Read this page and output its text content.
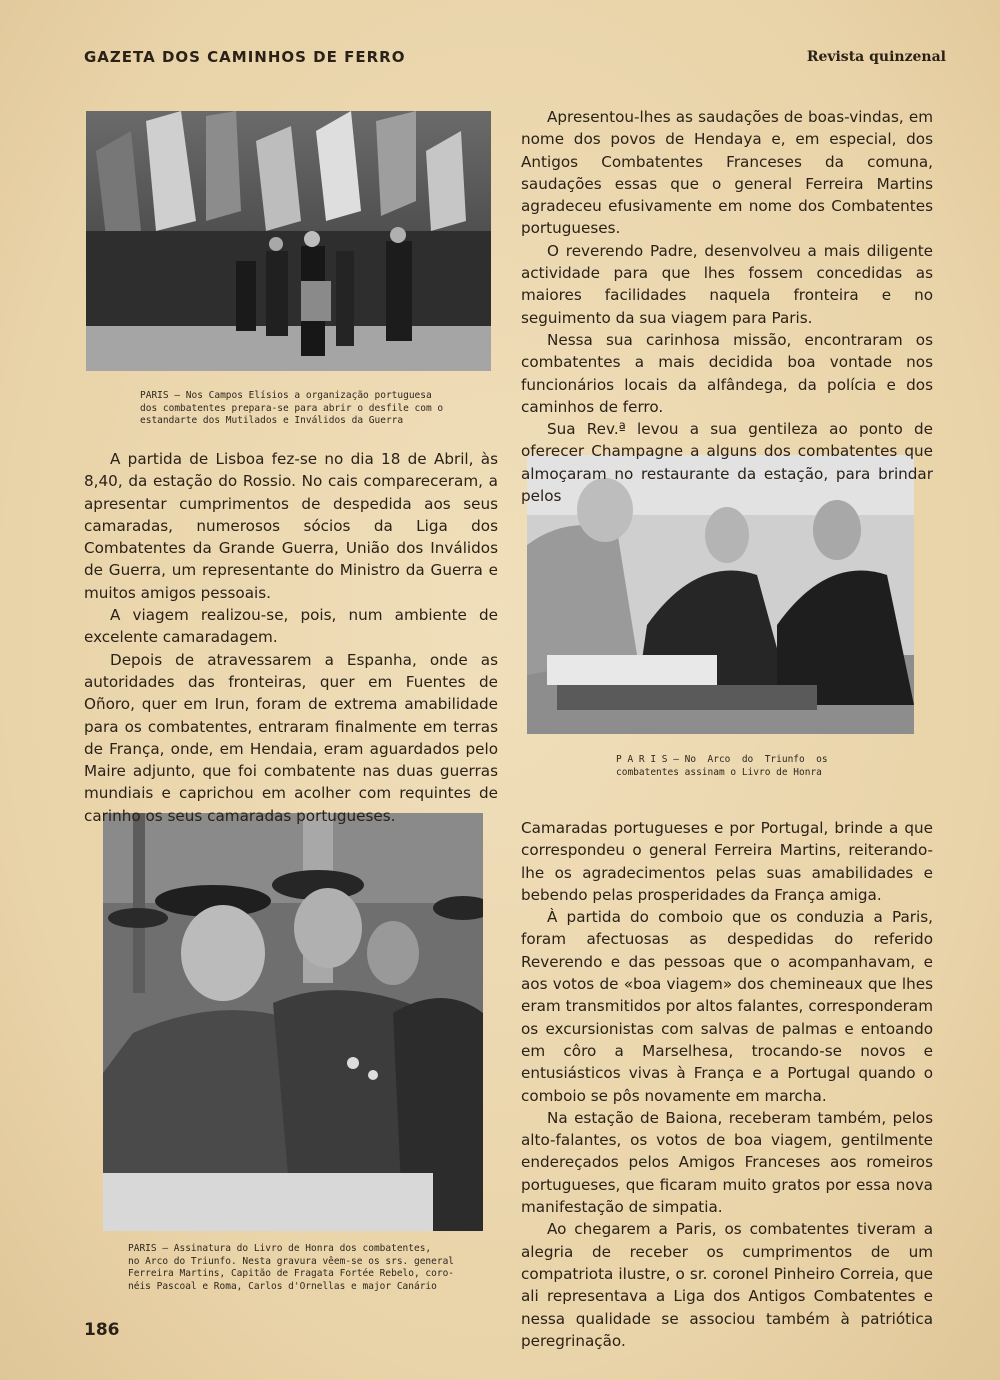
GAZETA DOS CAMINHOS DE FERRO	Revista quinzenal
PARIS — Nos Campos Elísios a organização portuguesa
dos combatentes prepara-se para abrir o desfile com o
estandarte dos Mutilados e Inválidos da Guerra
P A R I S — No  Arco  do  Triunfo  os
combatentes assinam o Livro de Honra
PARIS — Assinatura do Livro de Honra dos combatentes,
no Arco do Triunfo. Nesta gravura vêem-se os srs. general
Ferreira Martins, Capitão de Fragata Fortée Rebelo, coro-
néis Pascoal e Roma, Carlos d'Ornellas e major Canário

A partida de Lisboa fez-se no dia 18 de Abril, às 8,40, da estação do Rossio. No cais compareceram, a apresentar cumprimentos de despedida aos seus camaradas, numerosos sócios da Liga dos Combatentes da Grande Guerra, União dos Inválidos de Guerra, um representante do Ministro da Guerra e muitos amigos pessoais.

A viagem realizou-se, pois, num ambiente de excelente camaradagem.

Depois de atravessarem a Espanha, onde as autoridades das fronteiras, quer em Fuentes de Oñoro, quer em Irun, foram de extrema amabilidade para os combatentes, entraram finalmente em terras de França, onde, em Hendaia, eram aguardados pelo Maire adjunto, que foi combatente nas duas guerras mundiais e caprichou em acolher com requintes de carinho os seus camaradas portugueses.

Apresentou-lhes as saudações de boas-vindas, em nome dos povos de Hendaya e, em especial, dos Antigos Combatentes Franceses da comuna, saudações essas que o general Ferreira Martins agradeceu efusivamente em nome dos Combatentes portugueses.

O reverendo Padre, desenvolveu a mais diligente actividade para que lhes fossem concedidas as maiores facilidades naquela fronteira e no seguimento da sua viagem para Paris.

Nessa sua carinhosa missão, encontraram os combatentes a mais decidida boa vontade nos funcionários locais da alfândega, da polícia e dos caminhos de ferro.

Sua Rev.ª levou a sua gentileza ao ponto de oferecer Champagne a alguns dos combatentes que almoçaram no restaurante da estação, para brindar pelos

Camaradas portugueses e por Portugal, brinde a que correspondeu o general Ferreira Martins, reiterando-lhe os agradecimentos pelas suas amabilidades e bebendo pelas prosperidades da França amiga.

À partida do comboio que os conduzia a Paris, foram afectuosas as despedidas do referido Reverendo e das pessoas que o acompanhavam, e aos votos de «boa viagem» dos chemineaux que lhes eram transmitidos por altos falantes, corresponderam os excursionistas com salvas de palmas e entoando em côro a Marselhesa, trocando-se novos e entusiásticos vivas à França e a Portugal quando o comboio se pôs novamente em marcha.

Na estação de Baiona, receberam também, pelos alto-falantes, os votos de boa viagem, gentilmente endereçados pelos Amigos Franceses aos romeiros portugueses, que ficaram muito gratos por essa nova manifestação de simpatia.

Ao chegarem a Paris, os combatentes tiveram a alegria de receber os cumprimentos de um compatriota ilustre, o sr. coronel Pinheiro Correia, que ali representava a Liga dos Antigos Combatentes e nessa qualidade se associou também à patriótica peregrinação.

186
